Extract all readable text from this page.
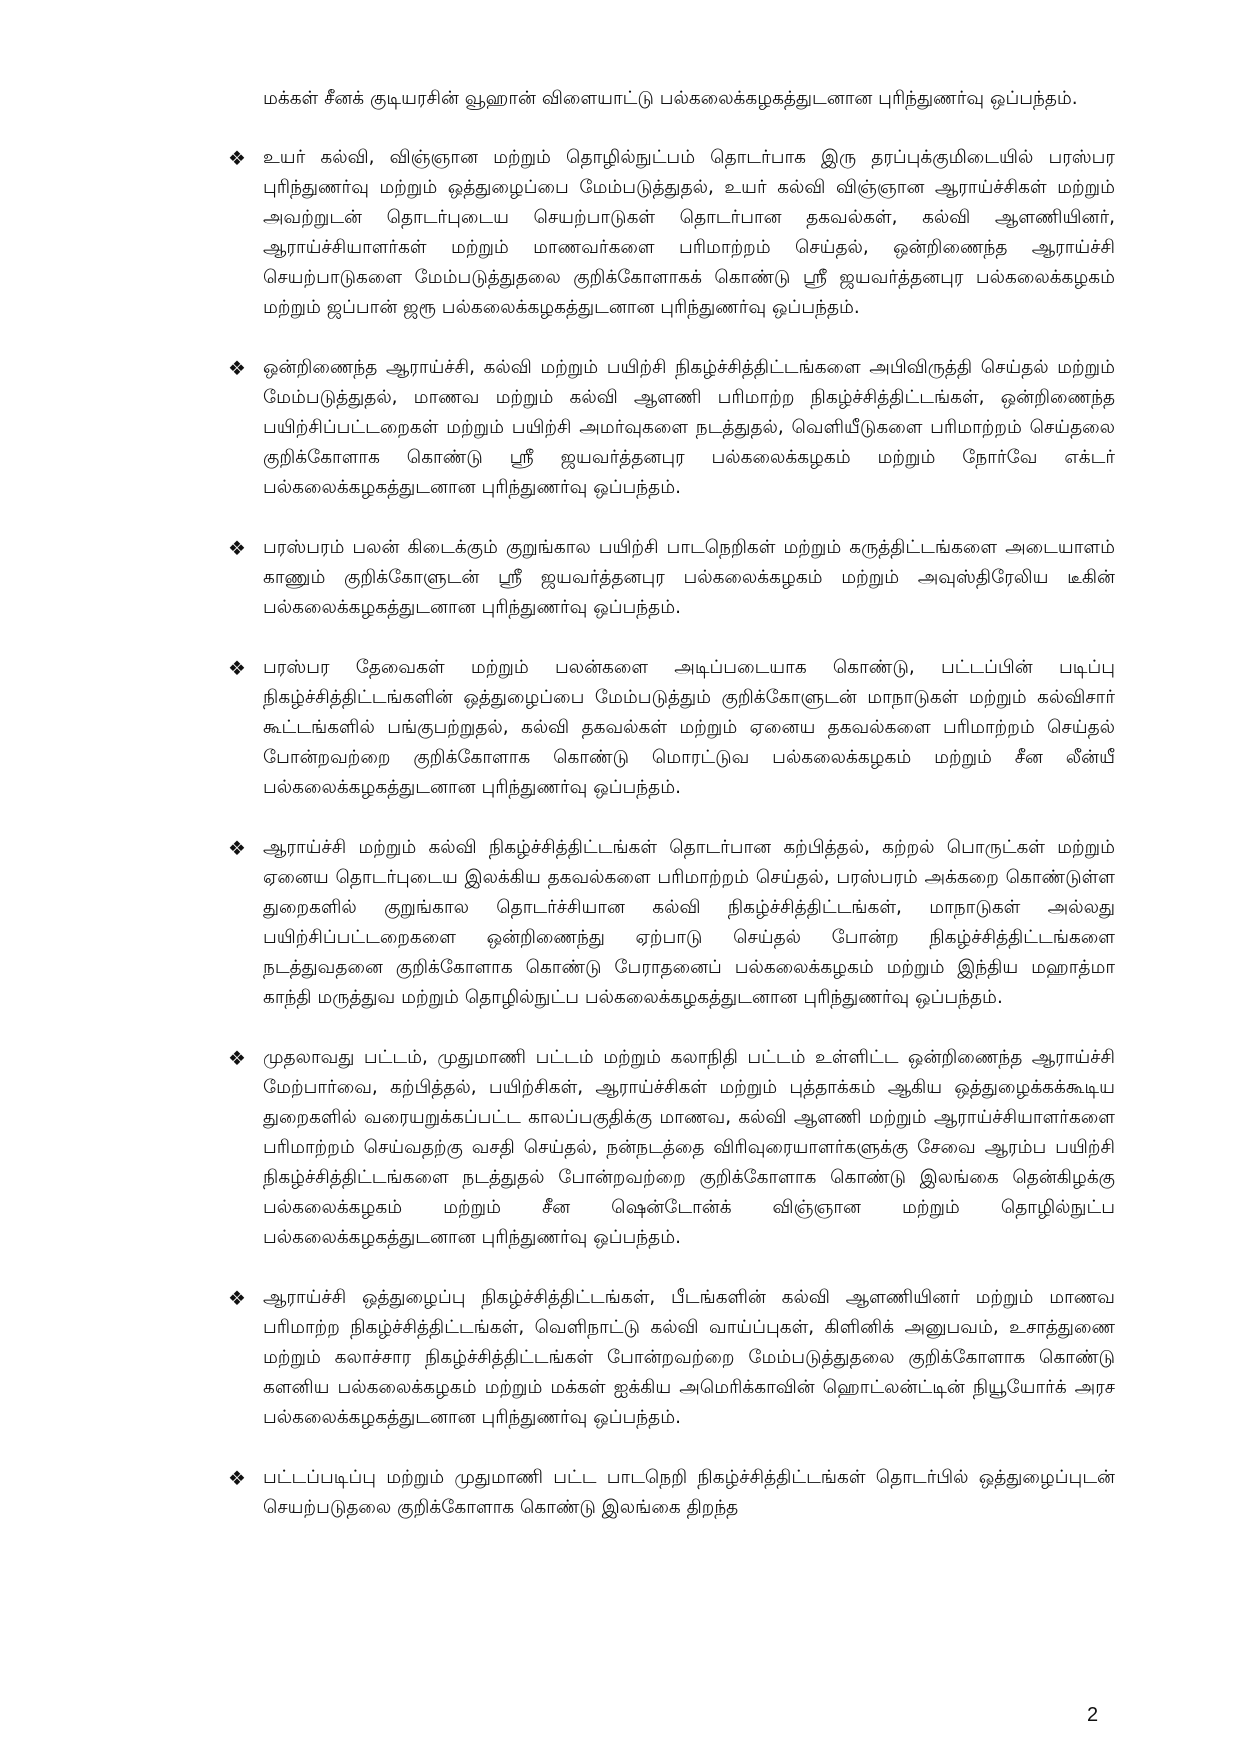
மக்கள் சீனக் குடியரசின் வூஹான் விளையாட்டு பல்கலைக்கழகத்துடனான புரிந்துணர்வு ஒப்பந்தம்.

❖ உயர் கல்வி, விஞ்ஞான மற்றும் தொழில்நுட்பம் தொடர்பாக இரு தரப்புக்குமிடையில் பரஸ்பர புரிந்துணர்வு மற்றும் ஒத்துழைப்பை மேம்படுத்துதல், உயர் கல்வி விஞ்ஞான ஆராய்ச்சிகள் மற்றும் அவற்றுடன் தொடர்புடைய செயற்பாடுகள் தொடர்பான தகவல்கள், கல்வி ஆளணியினர், ஆராய்ச்சியாளர்கள் மற்றும் மாணவர்களை பரிமாற்றம் செய்தல், ஒன்றிணைந்த ஆராய்ச்சி செயற்பாடுகளை மேம்படுத்துதலை குறிக்கோளாகக் கொண்டு ஸ்ரீ ஜயவர்த்தனபுர பல்கலைக்கழகம் மற்றும் ஜப்பான் ஜரூ பல்கலைக்கழகத்துடனான புரிந்துணர்வு ஒப்பந்தம்.
❖ ஒன்றிணைந்த ஆராய்ச்சி, கல்வி மற்றும் பயிற்சி நிகழ்ச்சித்திட்டங்களை அபிவிருத்தி செய்தல் மற்றும் மேம்படுத்துதல், மாணவ மற்றும் கல்வி ஆளணி பரிமாற்ற நிகழ்ச்சித்திட்டங்கள், ஒன்றிணைந்த பயிற்சிப்பட்டறைகள் மற்றும் பயிற்சி அமர்வுகளை நடத்துதல், வெளியீடுகளை பரிமாற்றம் செய்தலை குறிக்கோளாக கொண்டு ஸ்ரீ ஜயவர்த்தனபுர பல்கலைக்கழகம் மற்றும் நோர்வே எக்டர் பல்கலைக்கழகத்துடனான புரிந்துணர்வு ஒப்பந்தம்.
❖ பரஸ்பரம் பலன் கிடைக்கும் குறுங்கால பயிற்சி பாடநெறிகள் மற்றும் கருத்திட்டங்களை அடையாளம் காணும் குறிக்கோளுடன் ஸ்ரீ ஜயவர்த்தனபுர பல்கலைக்கழகம் மற்றும் அவுஸ்திரேலிய டீகின் பல்கலைக்கழகத்துடனான புரிந்துணர்வு ஒப்பந்தம்.
❖ பரஸ்பர தேவைகள் மற்றும் பலன்களை அடிப்படையாக கொண்டு, பட்டப்பின் படிப்பு நிகழ்ச்சித்திட்டங்களின் ஒத்துழைப்பை மேம்படுத்தும் குறிக்கோளுடன் மாநாடுகள் மற்றும் கல்விசார் கூட்டங்களில் பங்குபற்றுதல், கல்வி தகவல்கள் மற்றும் ஏனைய தகவல்களை பரிமாற்றம் செய்தல் போன்றவற்றை குறிக்கோளாக கொண்டு மொரட்டுவ பல்கலைக்கழகம் மற்றும் சீன லீன்யீ பல்கலைக்கழகத்துடனான புரிந்துணர்வு ஒப்பந்தம்.
❖ ஆராய்ச்சி மற்றும் கல்வி நிகழ்ச்சித்திட்டங்கள் தொடர்பான கற்பித்தல், கற்றல் பொருட்கள் மற்றும் ஏனைய தொடர்புடைய இலக்கிய தகவல்களை பரிமாற்றம் செய்தல், பரஸ்பரம் அக்கறை கொண்டுள்ள துறைகளில் குறுங்கால தொடர்ச்சியான கல்வி நிகழ்ச்சித்திட்டங்கள், மாநாடுகள் அல்லது பயிற்சிப்பட்டறைகளை ஒன்றிணைந்து ஏற்பாடு செய்தல் போன்ற நிகழ்ச்சித்திட்டங்களை நடத்துவதனை குறிக்கோளாக கொண்டு பேராதனைப் பல்கலைக்கழகம் மற்றும் இந்திய மஹாத்மா காந்தி மருத்துவ மற்றும் தொழில்நுட்ப பல்கலைக்கழகத்துடனான புரிந்துணர்வு ஒப்பந்தம்.
❖ முதலாவது பட்டம், முதுமாணி பட்டம் மற்றும் கலாநிதி பட்டம் உள்ளிட்ட ஒன்றிணைந்த ஆராய்ச்சி மேற்பார்வை, கற்பித்தல், பயிற்சிகள், ஆராய்ச்சிகள் மற்றும் புத்தாக்கம் ஆகிய ஒத்துழைக்கக்கூடிய துறைகளில் வரையறுக்கப்பட்ட காலப்பகுதிக்கு மாணவ, கல்வி ஆளணி மற்றும் ஆராய்ச்சியாளர்களை பரிமாற்றம் செய்வதற்கு வசதி செய்தல், நன்நடத்தை விரிவுரையாளர்களுக்கு சேவை ஆரம்ப பயிற்சி நிகழ்ச்சித்திட்டங்களை நடத்துதல் போன்றவற்றை குறிக்கோளாக கொண்டு இலங்கை தென்கிழக்கு பல்கலைக்கழகம் மற்றும் சீன ஷென்டோன்க் விஞ்ஞான மற்றும் தொழில்நுட்ப பல்கலைக்கழகத்துடனான புரிந்துணர்வு ஒப்பந்தம்.
❖ ஆராய்ச்சி ஒத்துழைப்பு நிகழ்ச்சித்திட்டங்கள், பீடங்களின் கல்வி ஆளணியினர் மற்றும் மாணவ பரிமாற்ற நிகழ்ச்சித்திட்டங்கள், வெளிநாட்டு கல்வி வாய்ப்புகள், கிளினிக் அனுபவம், உசாத்துணை மற்றும் கலாச்சார நிகழ்ச்சித்திட்டங்கள் போன்றவற்றை மேம்படுத்துதலை குறிக்கோளாக கொண்டு களனிய பல்கலைக்கழகம் மற்றும் மக்கள் ஐக்கிய அமெரிக்காவின் ஹொட்லன்ட்டின் நியூயோர்க் அரச பல்கலைக்கழகத்துடனான புரிந்துணர்வு ஒப்பந்தம்.
❖ பட்டப்படிப்பு மற்றும் முதுமாணி பட்ட பாடநெறி நிகழ்ச்சித்திட்டங்கள் தொடர்பில் ஒத்துழைப்புடன் செயற்படுதலை குறிக்கோளாக கொண்டு இலங்கை திறந்த
2
